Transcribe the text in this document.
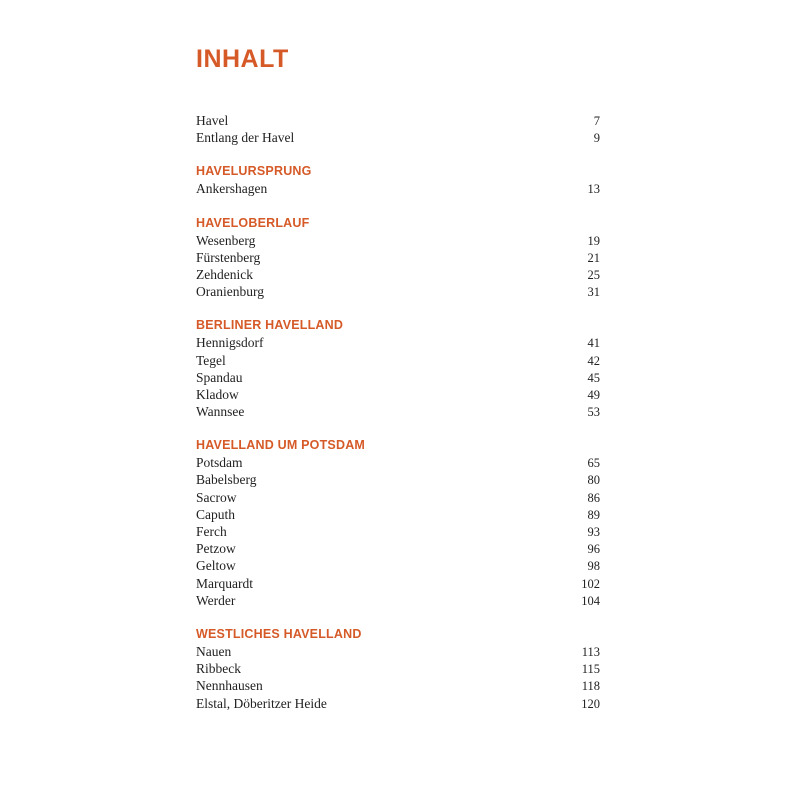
INHALT
Havel	7
Entlang der Havel	9
HAVELURSPRUNG
Ankershagen	13
HAVELOBERLAUF
Wesenberg	19
Fürstenberg	21
Zehdenick	25
Oranienburg	31
BERLINER HAVELLAND
Hennigsdorf	41
Tegel	42
Spandau	45
Kladow	49
Wannsee	53
HAVELLAND UM POTSDAM
Potsdam	65
Babelsberg	80
Sacrow	86
Caputh	89
Ferch	93
Petzow	96
Geltow	98
Marquardt	102
Werder	104
WESTLICHES HAVELLAND
Nauen	113
Ribbeck	115
Nennhausen	118
Elstal, Döberitzer Heide	120
